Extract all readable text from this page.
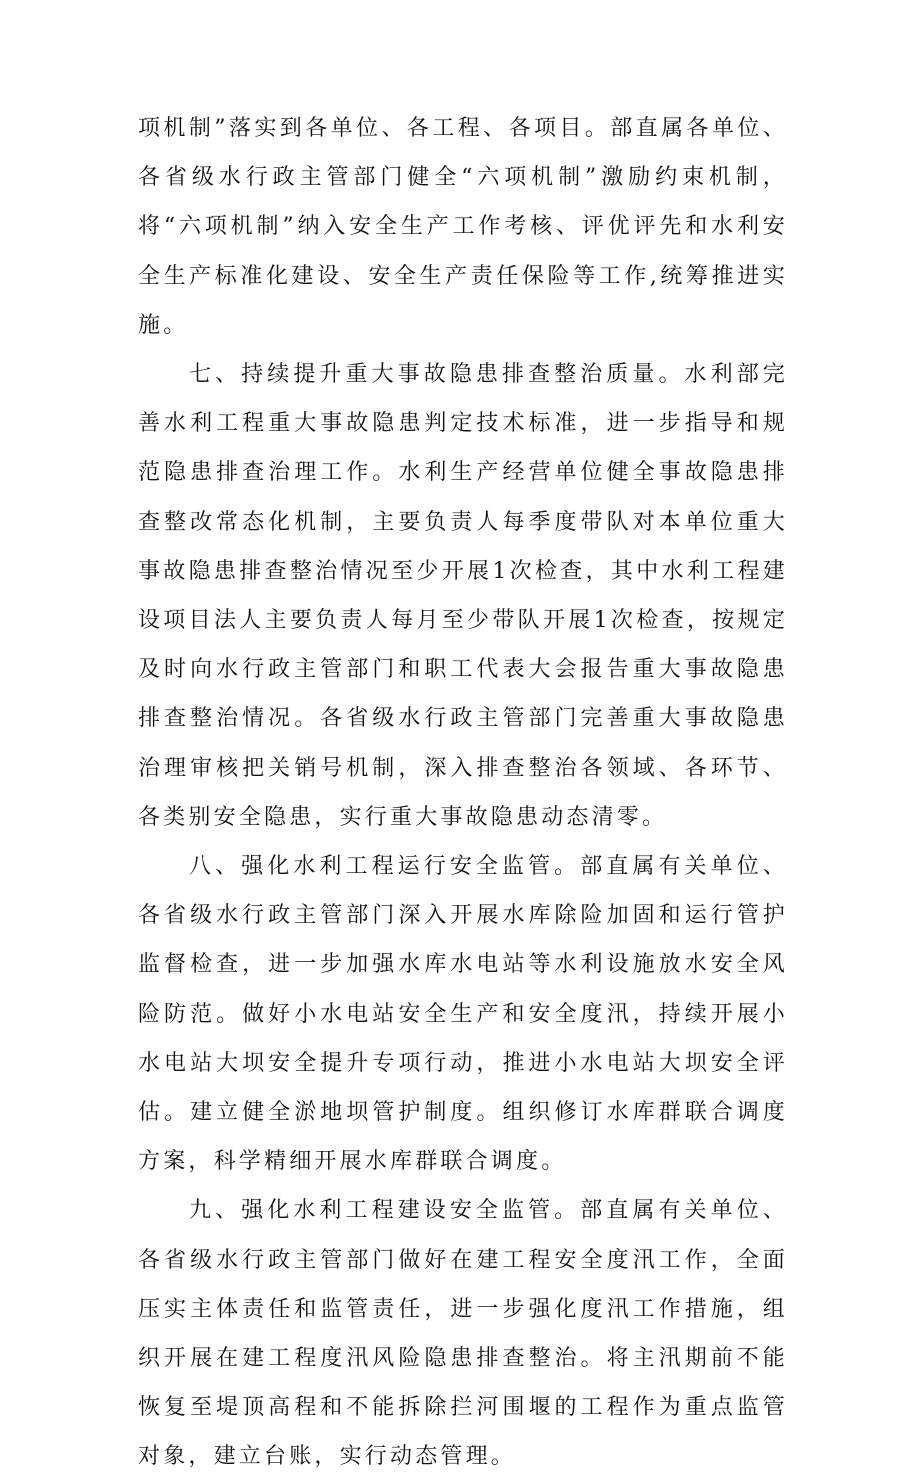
项机制”落实到各单位、各工程、各项目。部直属各单位、各省级水行政主管部门健全“六项机制”激励约束机制，将“六项机制”纳入安全生产工作考核、评优评先和水利安全生产标准化建设、安全生产责任保险等工作,统筹推进实施。

七、持续提升重大事故隐患排查整治质量。水利部完善水利工程重大事故隐患判定技术标准，进一步指导和规范隐患排查治理工作。水利生产经营单位健全事故隐患排查整改常态化机制，主要负责人每季度带队对本单位重大事故隐患排查整治情况至少开展1次检查，其中水利工程建设项目法人主要负责人每月至少带队开展1次检查，按规定及时向水行政主管部门和职工代表大会报告重大事故隐患排查整治情况。各省级水行政主管部门完善重大事故隐患治理审核把关销号机制，深入排查整治各领域、各环节、各类别安全隐患，实行重大事故隐患动态清零。

八、强化水利工程运行安全监管。部直属有关单位、各省级水行政主管部门深入开展水库除险加固和运行管护监督检查，进一步加强水库水电站等水利设施放水安全风险防范。做好小水电站安全生产和安全度汛，持续开展小水电站大坝安全提升专项行动，推进小水电站大坝安全评估。建立健全淤地坝管护制度。组织修订水库群联合调度方案，科学精细开展水库群联合调度。

九、强化水利工程建设安全监管。部直属有关单位、各省级水行政主管部门做好在建工程安全度汛工作，全面压实主体责任和监管责任，进一步强化度汛工作措施，组织开展在建工程度汛风险隐患排查整治。将主汛期前不能恢复至堤顶高程和不能拆除拦河围堰的工程作为重点监管对象，建立台账，实行动态管理。
